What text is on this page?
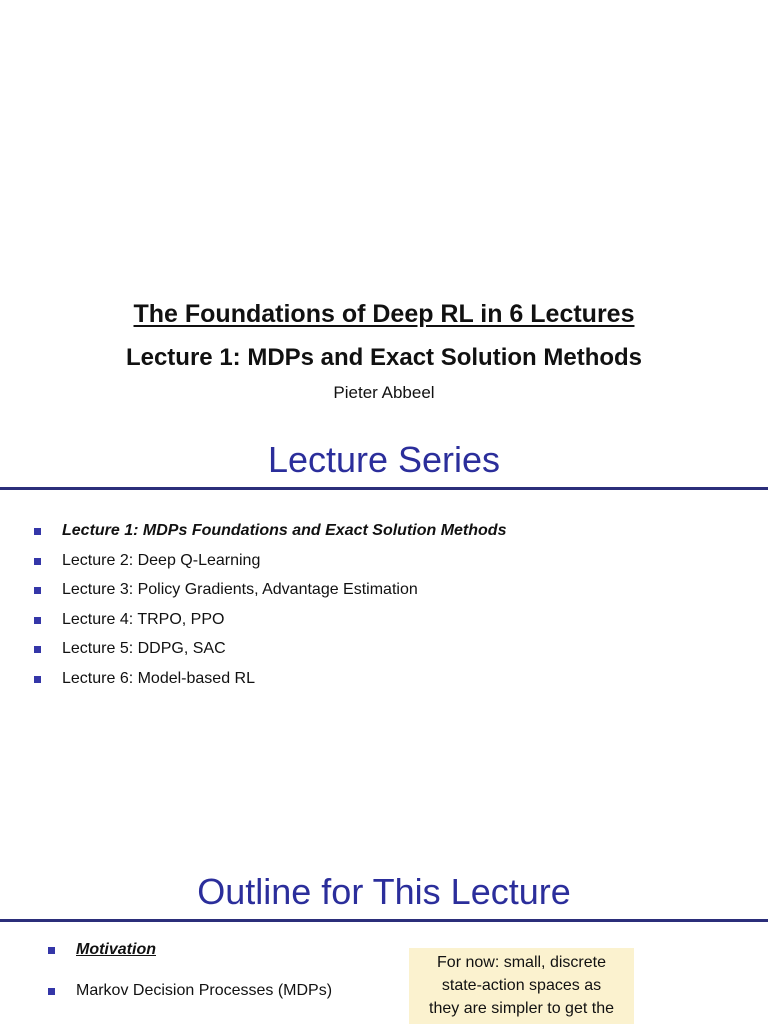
The Foundations of Deep RL in 6 Lectures
Lecture 1: MDPs and Exact Solution Methods

Pieter Abbeel

Lecture Series
Lecture 1: MDPs Foundations and Exact Solution Methods
Lecture 2: Deep Q-Learning
Lecture 3: Policy Gradients, Advantage Estimation
Lecture 4: TRPO, PPO
Lecture 5: DDPG, SAC
Lecture 6: Model-based RL
Outline for This Lecture
Motivation
Markov Decision Processes (MDPs)
For now: small, discrete
state-action spaces as
they are simpler to get the
